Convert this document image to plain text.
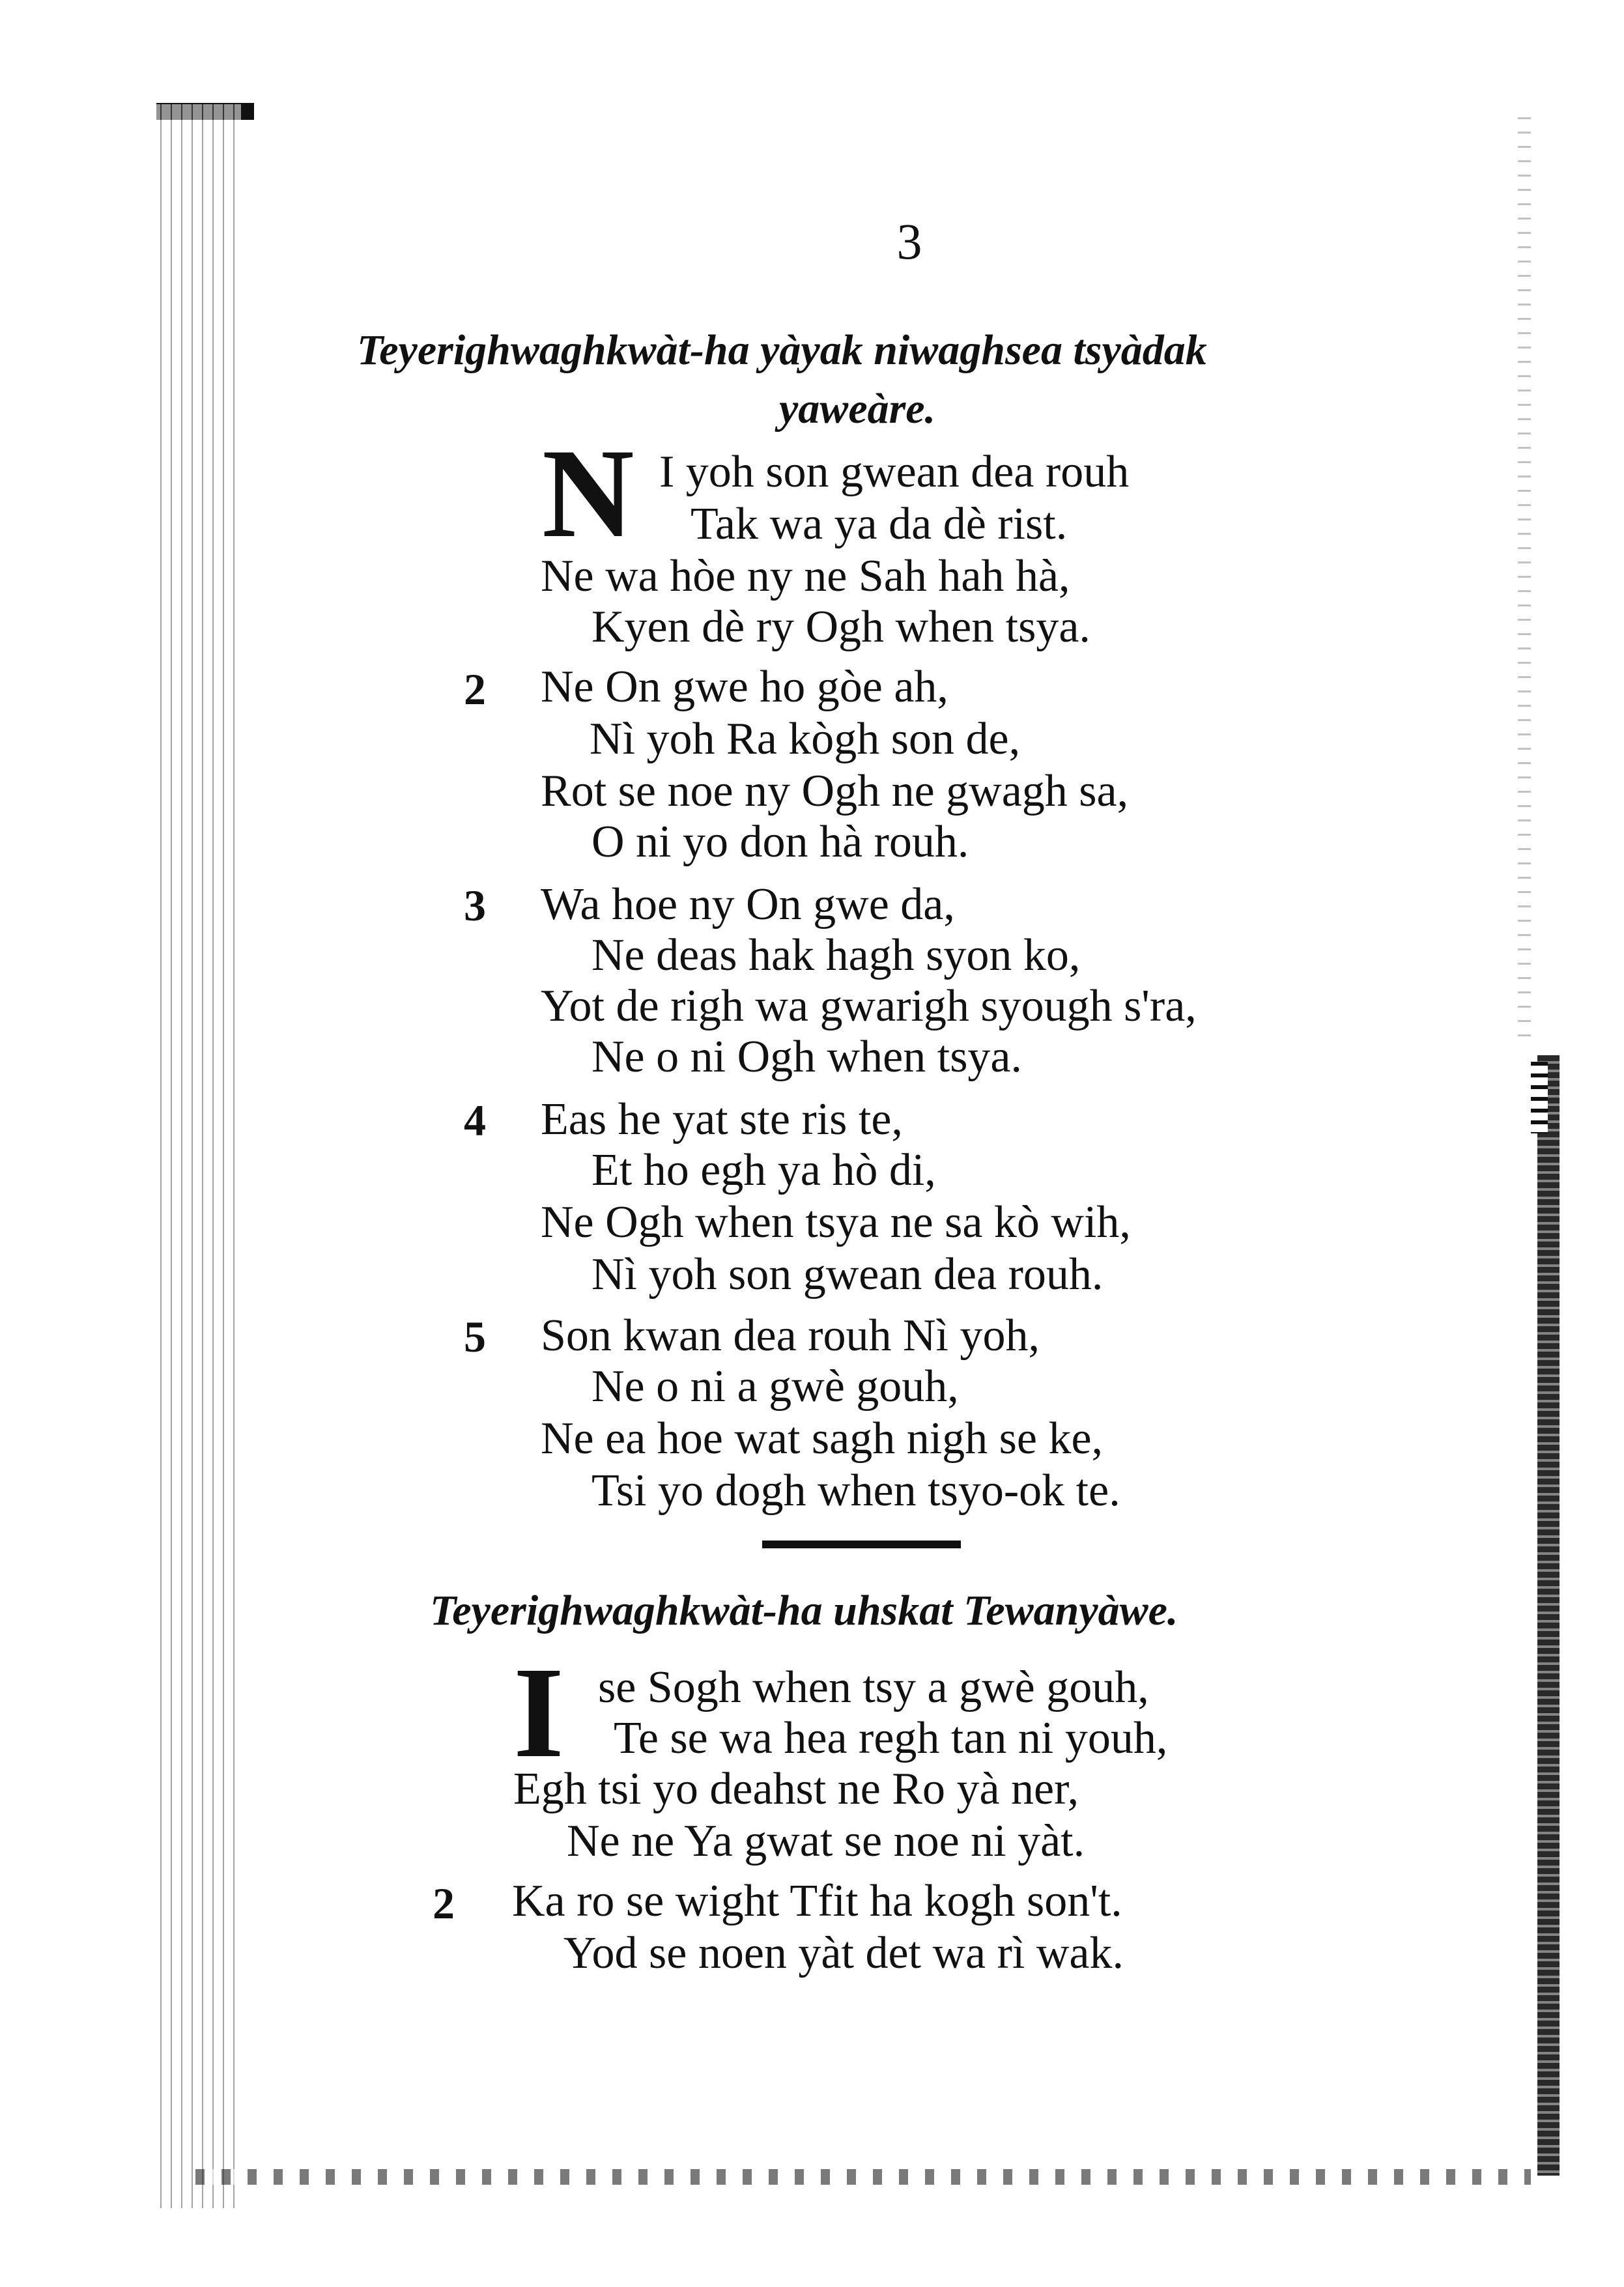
3
Teyerighwaghkwàt-ha yàyak niwaghsea tsyàdak
yaweàre.
N I yoh son gwean dea rouh
Tak wa ya da dè rist.
Ne wa hòe ny ne Sah hah hà,
Kyen dè ry Ogh when tsya.
2 Ne On gwe ho gòe ah,
Nì yoh Ra kògh son de,
Rot se noe ny Ogh ne gwagh sa,
O ni yo don hà rouh.
3 Wa hoe ny On gwe da,
Ne deas hak hagh syon ko,
Yot de righ wa gwarigh syough s'ra,
Ne o ni Ogh when tsya.
4 Eas he yat ste ris te,
Et ho egh ya hò di,
Ne Ogh when tsya ne sa kò wih,
Nì yoh son gwean dea rouh.
5 Son kwan dea rouh Nì yoh,
Ne o ni a gwè gouh,
Ne ea hoe wat sagh nigh se ke,
Tsi yo dogh when tsyo-ok te.
Teyerighwaghkwàt-ha uhskat Tewanyàwe.
I se Sogh when tsy a gwè gouh,
Te se wa hea regh tan ni youh,
Egh tsi yo deahst ne Ro yà ner,
Ne ne Ya gwat se noe ni yàt.
2 Ka ro se wight Tfit ha kogh son't.
Yod se noen yàt det wa rì wak.
